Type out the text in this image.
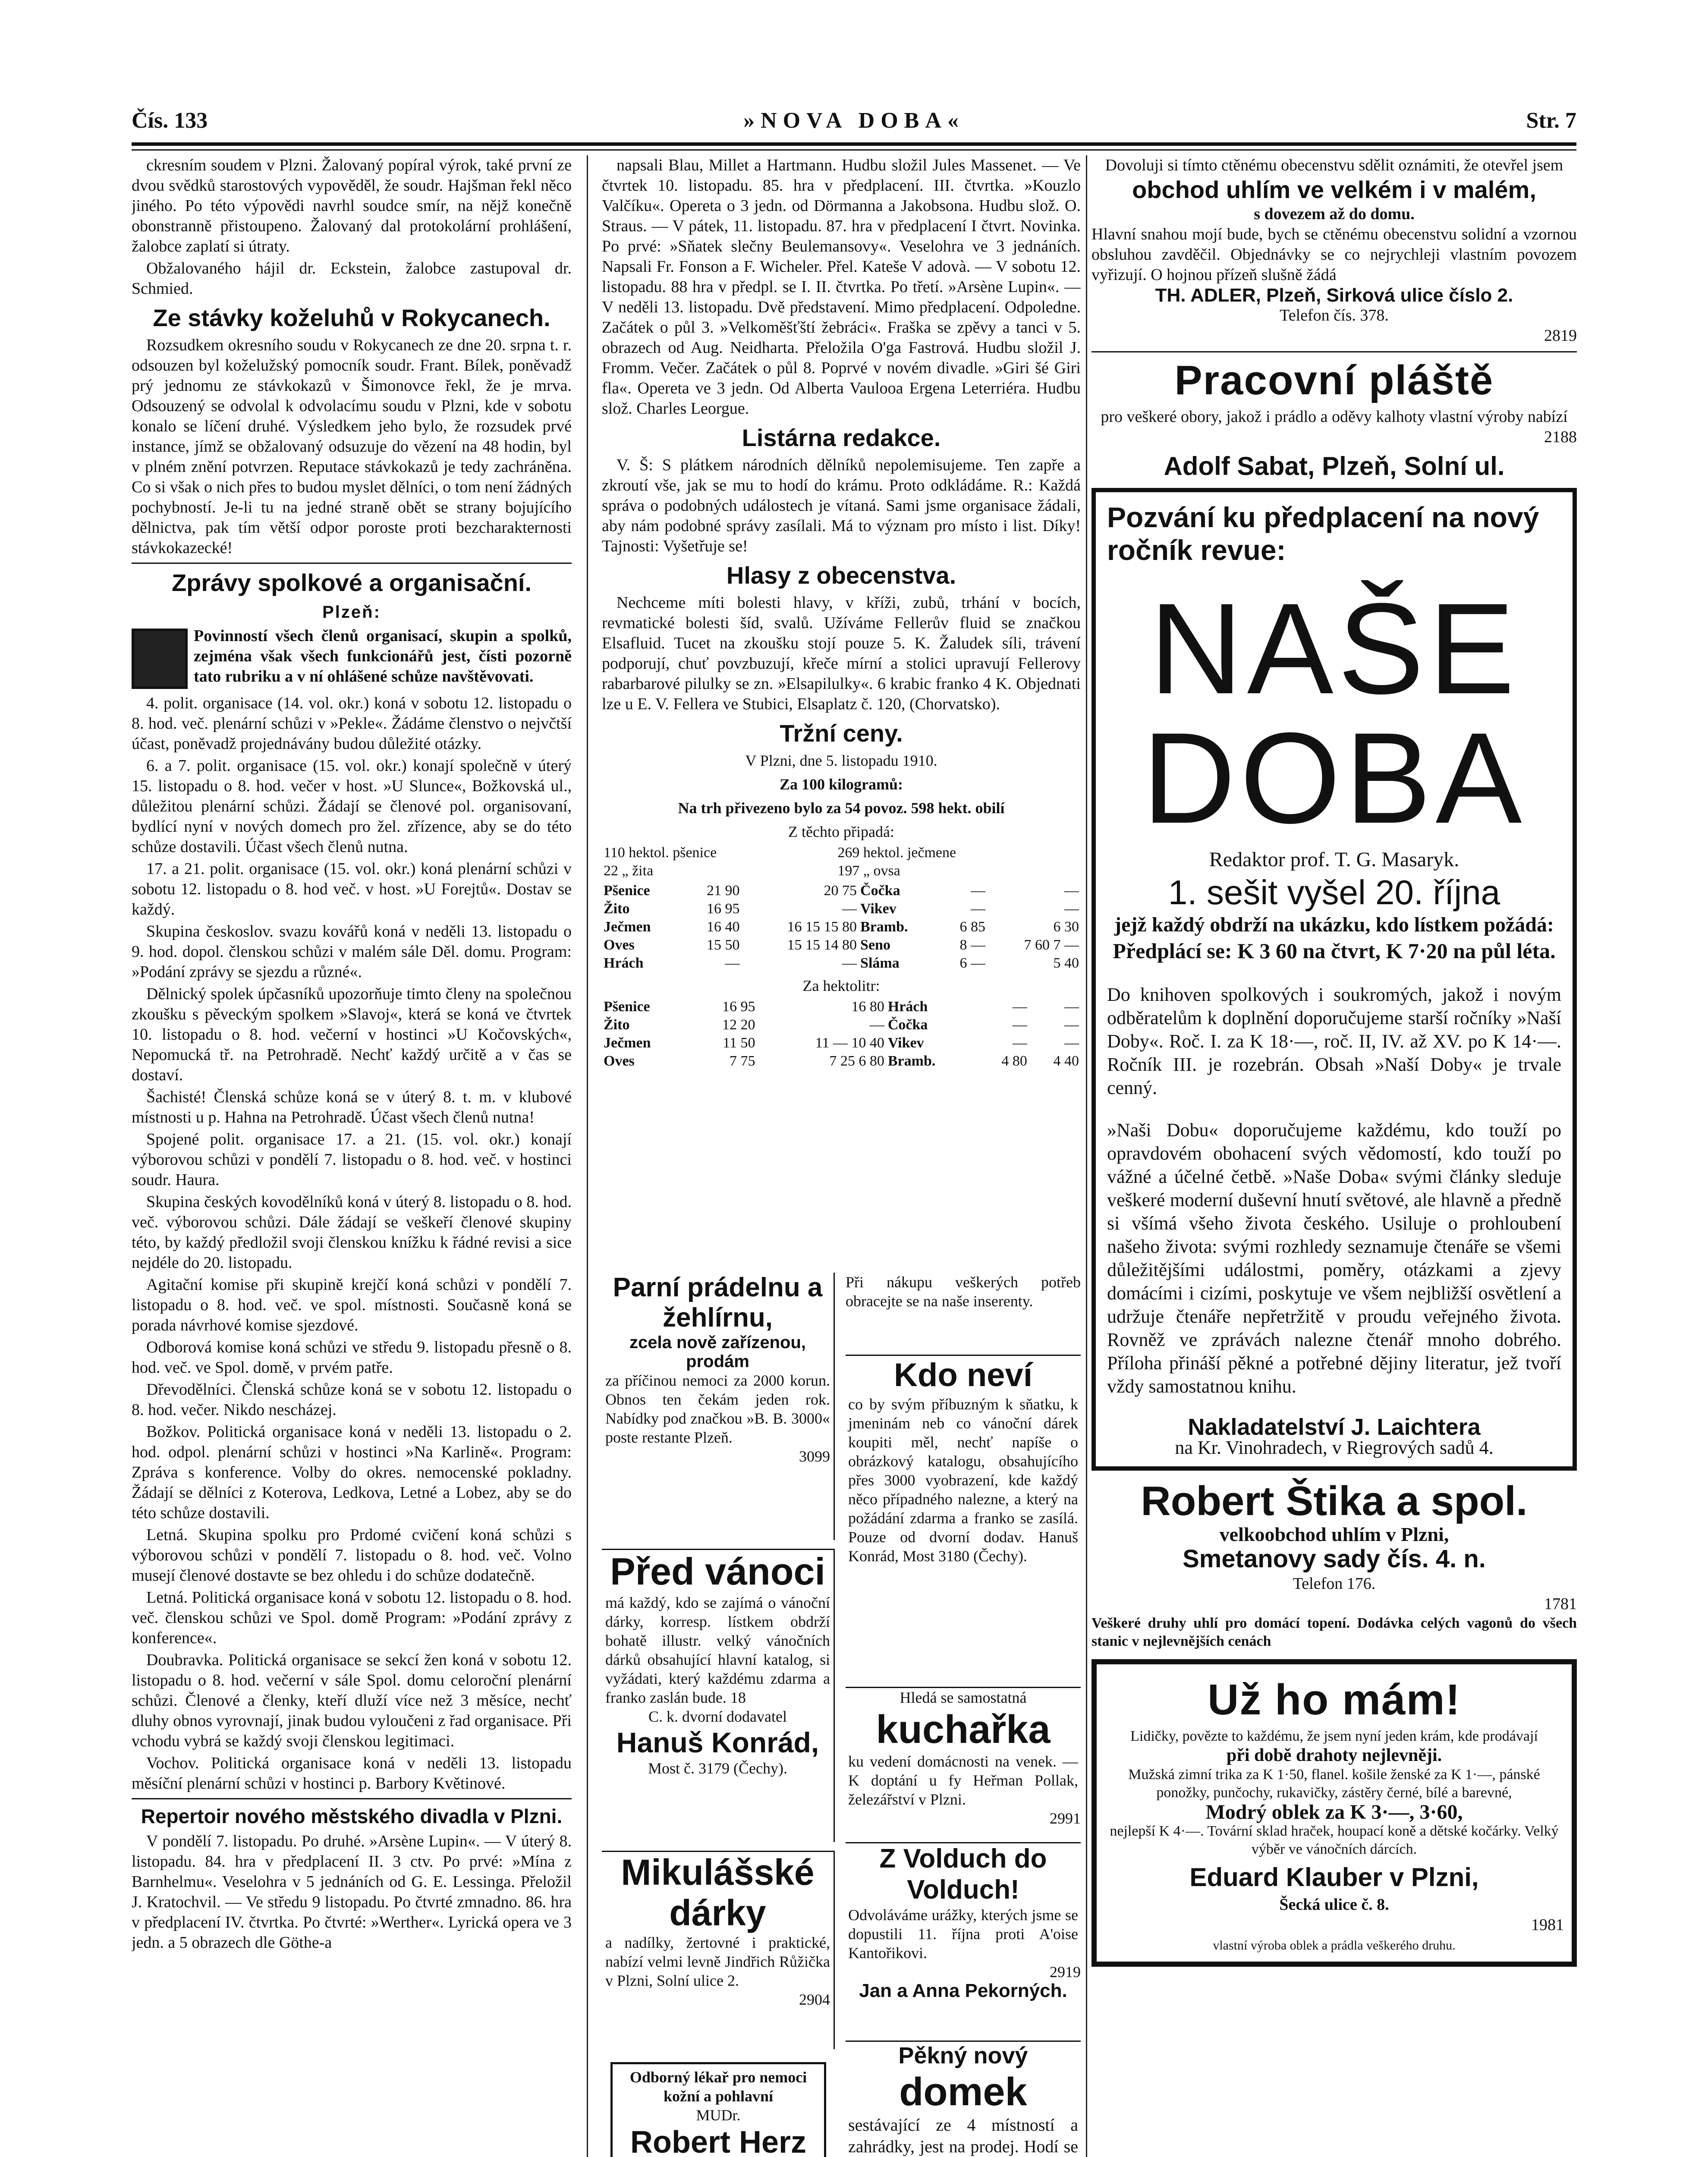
Čís. 133	»NOVA DOBA«	Str. 7

ckresním soudem v Plzni. Žalovaný popíral výrok, také první ze dvou svědků starostových vypověděl, že soudr. Hajšman řekl něco jiného. Po této výpovědi navrhl soudce smír, na nějž konečně obonstranně přistoupeno. Žalovaný dal protokolární prohlášení, žalobce zaplatí si útraty.

Obžalovaného hájil dr. Eckstein, žalobce zastupoval dr. Schmied.

Ze stávky koželuhů v Rokycanech.

Rozsudkem okresního soudu v Rokycanech ze dne 20. srpna t. r. odsouzen byl koželužský pomocník soudr. Frant. Bílek, poněvadž prý jednomu ze stávkokazů v Šimonovce řekl, že je mrva. Odsouzený se odvolal k odvolacímu soudu v Plzni, kde v sobotu konalo se líčení druhé. Výsledkem jeho bylo, že rozsudek prvé instance, jímž se obžalovaný odsuzuje do vězení na 48 hodin, byl v plném znění potvrzen. Reputace stávkokazů je tedy zachráněna. Co si však o nich přes to budou myslet dělníci, o tom není žádných pochybností. Je-li tu na jedné straně obět se strany bojujícího dělnictva, pak tím větší odpor poroste proti bezcharakternosti stávkokazecké!

Zprávy spolkové a organisační.
Plzeň:
Povinností všech členů organisací, skupin a spolků, zejména však všech funkcionářů jest, čísti pozorně tato rubriku a v ní ohlášené schůze navštěvovati.

4. polit. organisace (14. vol. okr.) koná v sobotu 12. listopadu o 8. hod. več. plenární schůzi v »Pekle«. Žádáme členstvo o nejvčtší účast, poněvadž projednávány budou důležité otázky.

6. a 7. polit. organisace (15. vol. okr.) konají společně v úterý 15. listopadu o 8. hod. večer v host. »U Slunce«, Božkovská ul., důležitou plenární schůzi. Žádají se členové pol. organisovaní, bydlící nyní v nových domech pro žel. zřízence, aby se do této schůze dostavili. Účast všech členů nutna.

17. a 21. polit. organisace (15. vol. okr.) koná plenární schůzi v sobotu 12. listopadu o 8. hod več. v host. »U Forejtů«. Dostav se každý.

Skupina českoslov. svazu kovářů koná v neděli 13. listopadu o 9. hod. dopol. členskou schůzi v malém sále Děl. domu. Program: »Podání zprávy se sjezdu a různé«.

Dělnický spolek úpčasníků upozorňuje timto členy na společnou zkoušku s pěveckým spolkem »Slavoj«, která se koná ve čtvrtek 10. listopadu o 8. hod. večerní v hostinci »U Kočovských«, Nepomucká tř. na Petrohradě. Nechť každý určitě a v čas se dostaví.

Šachisté! Členská schůze koná se v úterý 8. t. m. v klubové místnosti u p. Hahna na Petrohradě. Účast všech členů nutna!

Spojené polit. organisace 17. a 21. (15. vol. okr.) konají výborovou schůzi v pondělí 7. listopadu o 8. hod. več. v hostinci soudr. Haura.

Skupina českých kovodělníků koná v úterý 8. listopadu o 8. hod. več. výborovou schůzi. Dále žádají se veškeří členové skupiny této, by každý předložil svoji členskou knížku k řádné revisi a sice nejdéle do 20. listopadu.

Agitační komise při skupině krejčí koná schůzi v pondělí 7. listopadu o 8. hod. več. ve spol. místnosti. Současně koná se porada návrhové komise sjezdové.

Odborová komise koná schůzi ve středu 9. listopadu přesně o 8. hod. več. ve Spol. domě, v prvém patře.

Dřevodělníci. Členská schůze koná se v sobotu 12. listopadu o 8. hod. večer. Nikdo nescházej.

Božkov. Politická organisace koná v neděli 13. listopadu o 2. hod. odpol. plenární schůzi v hostinci »Na Karlině«. Program: Zpráva s konference. Volby do okres. nemocenské pokladny. Žádají se dělníci z Koterova, Ledkova, Letné a Lobez, aby se do této schůze dostavili.

Letná. Skupina spolku pro Prdomé cvičení koná schůzi s výborovou schůzi v pondělí 7. listopadu o 8. hod. več. Volno musejí členové dostavte se bez ohledu i do schůze dodatečně.

Letná. Politická organisace koná v sobotu 12. listopadu o 8. hod. več. členskou schůzi ve Spol. domě Program: »Podání zprávy z konference«.

Doubravka. Politická organisace se sekcí žen koná v sobotu 12. listopadu o 8. hod. večerní v sále Spol. domu celoroční plenární schůzi. Členové a členky, kteří dluží více než 3 měsíce, nechť dluhy obnos vyrovnají, jinak budou vyloučeni z řad organisace. Při vchodu vybrá se každý svoji členskou legitimaci.

Vochov. Politická organisace koná v neděli 13. listopadu měsíční plenární schůzi v hostinci p. Barbory Květinové.

Repertoir nového městského divadla v Plzni.

V pondělí 7. listopadu. Po druhé. »Arsène Lupin«. — V úterý 8. listopadu. 84. hra v předplacení II. 3 ctv. Po prvé: »Mína z Barnhelmu«. Veselohra v 5 jednáních od G. E. Lessinga. Přeložil J. Kratochvil. — Ve středu 9 listopadu. Po čtvrté zmnadno. 86. hra v předplacení IV. čtvrtka. Po čtvrté: »Werther«. Lyrická opera ve 3 jedn. a 5 obrazech dle Göthe-a

napsali Blau, Millet a Hartmann. Hudbu složil Jules Massenet. — Ve čtvrtek 10. listopadu. 85. hra v předplacení. III. čtvrtka. »Kouzlo Valčíku«. Opereta o 3 jedn. od Dörmanna a Jakobsona. Hudbu slož. O. Straus. — V pátek, 11. listopadu. 87. hra v předplacení I čtvrt. Novinka. Po prvé: »Sňatek slečny Beulemansovy«. Veselohra ve 3 jednáních. Napsali Fr. Fonson a F. Wicheler. Přel. Kateše V adovà. — V sobotu 12. listopadu. 88 hra v předpl. se I. II. čtvrtka. Po třetí. »Arsène Lupin«. — V neděli 13. listopadu. Dvě představení. Mimo předplacení. Odpoledne. Začátek o půl 3. »Velkoměšťští žebráci«. Fraška se zpěvy a tanci v 5. obrazech od Aug. Neidharta. Přeložila O'ga Fastrová. Hudbu složil J. Fromm. Večer. Začátek o půl 8. Poprvé v novém divadle. »Giri šé Giri fla«. Opereta ve 3 jedn. Od Alberta Vaulooa Ergena Leterriéra. Hudbu slož. Charles Leorgue.

Listárna redakce.

V. Š: S plátkem národních dělníků nepolemisujeme. Ten zapře a zkroutí vše, jak se mu to hodí do krámu. Proto odkládáme. R.: Každá správa o podobných událostech je vítaná. Sami jsme organisace žádali, aby nám podobné správy zasílali. Má to význam pro místo i list. Díky! Tajnosti: Vyšetřuje se!

Hlasy z obecenstva.

Nechceme míti bolesti hlavy, v kříži, zubů, trhání v bocích, revmatické bolesti šíd, svalů. Užíváme Fellerův fluid se značkou Elsafluid. Tucet na zkoušku stojí pouze 5. K. Žaludek síli, trávení podporují, chuť povzbuzují, křeče mírní a stolici upravují Fellerovy rabarbarové pilulky se zn. »Elsapilulky«. 6 krabic franko 4 K. Objednati lze u E. V. Fellera ve Stubici, Elsaplatz č. 120, (Chorvatsko).

Tržní ceny.
V Plzni, dne 5. listopadu 1910.
Za 100 kilogramů:
Na trh přivezeno bylo za 54 povoz. 598 hekt. obilí
Z těchto připadá:
110 hektol. pšenice	269 hektol. ječmene
22 „ žita	197 „ ovsa
Pšenice	21 90	20 75	Čočka	—	—
Žito	16 95	—	Vikev	—	—
Ječmen	16 40	16 15 15 80	Bramb.	6 85	6 30
Oves	15 50	15 15 14 80	Seno	8 —	7 60 7 —
Hrách	—	—	Sláma	6 —	5 40
Za hektolitr:
Pšenice	16 95	16 80	Hrách	—	—
Žito	12 20	—	Čočka	—	—
Ječmen	11 50	11 — 10 40	Vikev	—	—
Oves	7 75	7 25 6 80	Bramb.	4 80	4 40
Parní prádelnu a žehlírnu,
zcela nově zařízenou, prodám
za příčinou nemoci za 2000 korun. Obnos ten čekám jeden rok. Nabídky pod značkou »B. B. 3000« poste restante Plzeň.
3099
Při nákupu veškerých potřeb obracejte se na naše inserenty.
Kdo neví
co by svým příbuzným k sňatku, k jmeninám neb co vánoční dárek koupiti měl, nechť napíše o obrázkový katalogu, obsahujícího přes 3000 vyobrazení, kde každý něco případného nalezne, a který na požádání zdarma a franko se zasílá. Pouze od dvorní dodav. Hanuš Konrád, Most 3180 (Čechy).
Před vánoci
má každý, kdo se zajímá o vánoční dárky, korresp. lístkem obdrží bohatě illustr. velký vánočních dárků obsahující hlavní katalog, si vyžádati, který každému zdarma a franko zaslán bude. 18
C. k. dvorní dodavatel
Hanuš Konrád,
Most č. 3179 (Čechy).
Hledá se samostatná
kuchařka
ku vedení domácnosti na venek. — K doptání u fy Heřman Pollak, železářství v Plzni.
2991
Mikulášské dárky
a nadílky, žertovné i praktické, nabízí velmi levně Jindřich Růžička v Plzni, Solní ulice 2.
2904
Z Volduch do Volduch!
Odvoláváme urážky, kterých jsme se dopustili 11. října proti A'oise Kantořikovi.
2919
Jan a Anna Pekorných.
Odborný lékař pro nemoci kožní a pohlavní
MUDr.
Robert Herz
Pěkný nový
domek
sestávající ze 4 místností a zahrádky, jest na prodej. Hodí se
Dovoluji si tímto ctěnému obecenstvu sdělit oznámiti, že otevřel jsem
obchod uhlím ve velkém i v malém,
s dovezem až do domu.
Hlavní snahou mojí bude, bych se ctěnému obecenstvu solidní a vzornou obsluhou zavděčil. Objednávky se co nejrychleji vlastním povozem vyřizují. O hojnou přízeň slušně žádá
TH. ADLER, Plzeň, Sirková ulice číslo 2.
Telefon čís. 378.
2819
Pracovní pláště
pro veškeré obory, jakož i prádlo a oděvy kalhoty vlastní výroby nabízí
2188
Adolf Sabat, Plzeň, Solní ul.
Pozvání ku předplacení na nový ročník revue:
NAŠE
DOBA
Redaktor prof. T. G. Masaryk.
1. sešit vyšel 20. října
jejž každý obdrží na ukázku, kdo lístkem požádá:
Předplácí se: K 3 60 na čtvrt, K 7·20 na půl léta.

Do knihoven spolkových i soukromých, jakož i novým odběratelům k doplnění doporučujeme starší ročníky »Naší Doby«. Roč. I. za K 18·—, roč. II, IV. až XV. po K 14·—. Ročník III. je rozebrán. Obsah »Naší Doby« je trvale cenný.

»Naši Dobu« doporučujeme každému, kdo touží po opravdovém obohacení svých vědomostí, kdo touží po vážné a účelné četbě. »Naše Doba« svými články sleduje veškeré moderní duševní hnutí světové, ale hlavně a předně si všímá všeho života českého. Usiluje o prohloubení našeho života: svými rozhledy seznamuje čtenáře se všemi důležitějšími událostmi, poměry, otázkami a zjevy domácími i cizími, poskytuje ve všem nejbližší osvětlení a udržuje čtenáře nepřetržitě v proudu veřejného života. Rovněž ve zprávách nalezne čtenář mnoho dobrého. Příloha přináší pěkné a potřebné dějiny literatur, jež tvoří vždy samostatnou knihu.

Nakladatelství J. Laichtera
na Kr. Vinohradech, v Riegrových sadů 4.
Robert Štika a spol.
velkoobchod uhlím v Plzni,
Smetanovy sady čís. 4. n.
Telefon 176.
1781
Veškeré druhy uhlí pro domácí topení. Dodávka celých vagonů do všech stanic v nejlevnějších cenách
Už ho mám!
Lidičky, povězte to každému, že jsem nyní jeden krám, kde prodávají
při době drahoty nejlevněji.
Mužská zimní trika za K 1·50, flanel. košile ženské za K 1·—, pánské ponožky, punčochy, rukavičky, zástěry černé, bílé a barevné,
Modrý oblek za K 3·—, 3·60,
nejlepší K 4·—. Tovární sklad hraček, houpací koně a dětské kočárky. Velký výběr ve vánočních dárcích.
Eduard Klauber v Plzni,
Šecká ulice č. 8.
1981
vlastní výroba oblek a prádla veškerého druhu.
